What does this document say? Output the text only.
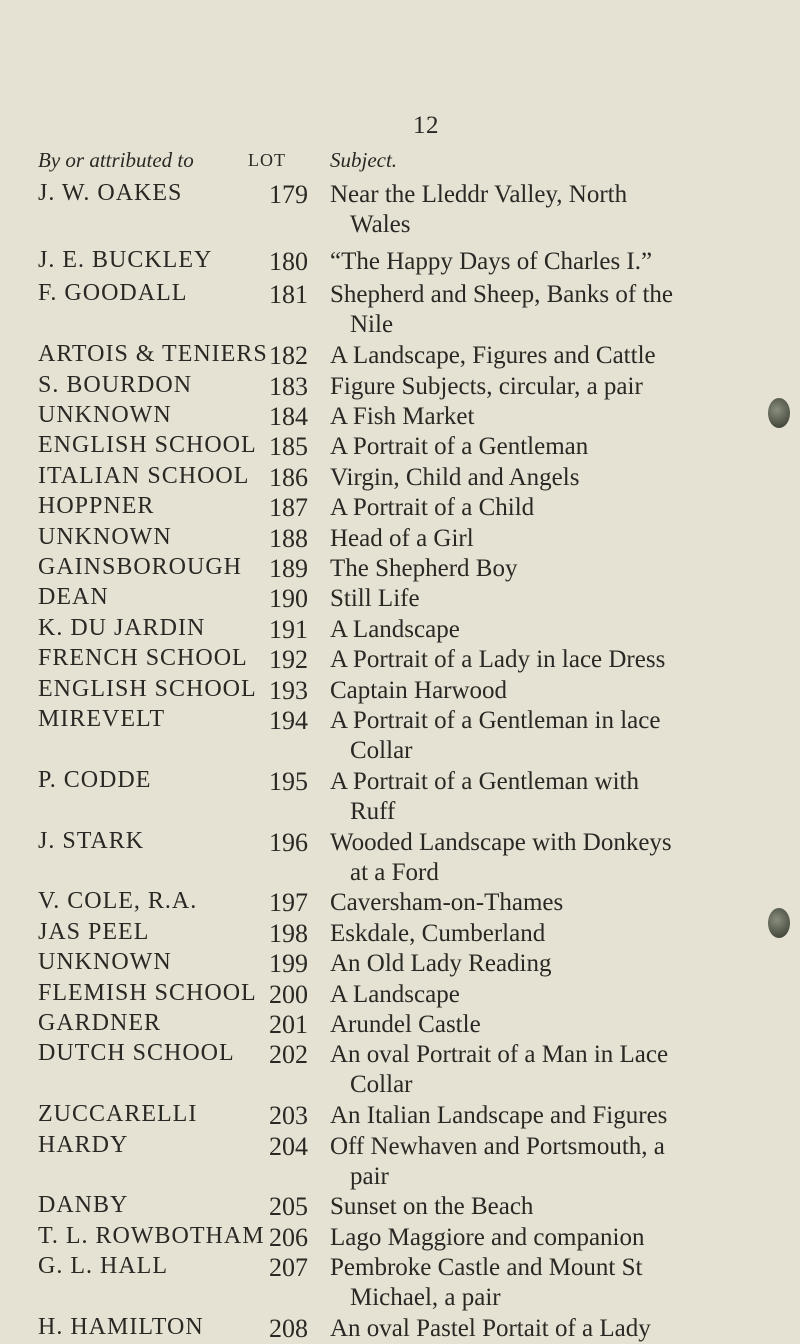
12
By or attributed to	LOT Subject.
J. W. OAKES	179 Near the Lleddr Valley, North
Wales
J. E. BUCKLEY	180 “The Happy Days of Charles I.”
F. GOODALL	181 Shepherd and Sheep, Banks of the
Nile
ARTOIS & TENIERS 182 A Landscape, Figures and Cattle
S. BOURDON	183 Figure Subjects, circular, a pair
UNKNOWN	184 A Fish Market
ENGLISH SCHOOL 185 A Portrait of a Gentleman
ITALIAN SCHOOL 186 Virgin, Child and Angels
HOPPNER	187 A Portrait of a Child
UNKNOWN	188 Head of a Girl
GAINSBOROUGH	189 The Shepherd Boy
DEAN	190 Still Life
K. DU JARDIN	191 A Landscape
FRENCH SCHOOL 192 A Portrait of a Lady in lace Dress
ENGLISH SCHOOL 193 Captain Harwood
MIREVELT	194 A Portrait of a Gentleman in lace
Collar
P. CODDE	195 A Portrait of a Gentleman with
Ruff
J. STARK	196 Wooded Landscape with Donkeys
at a Ford
V. COLE, R.A.	197 Caversham-on-Thames
JAS PEEL	198 Eskdale, Cumberland
UNKNOWN	199 An Old Lady Reading
FLEMISH SCHOOL 200 A Landscape
GARDNER	201 Arundel Castle
DUTCH SCHOOL	202 An oval Portrait of a Man in Lace
Collar
ZUCCARELLI	203 An Italian Landscape and Figures
HARDY	204 Off Newhaven and Portsmouth, a
pair
DANBY	205 Sunset on the Beach
T. L. ROWBOTHAM 206 Lago Maggiore and companion
G. L. HALL	207 Pembroke Castle and Mount St
Michael, a pair
H. HAMILTON	208 An oval Pastel Portait of a Lady
